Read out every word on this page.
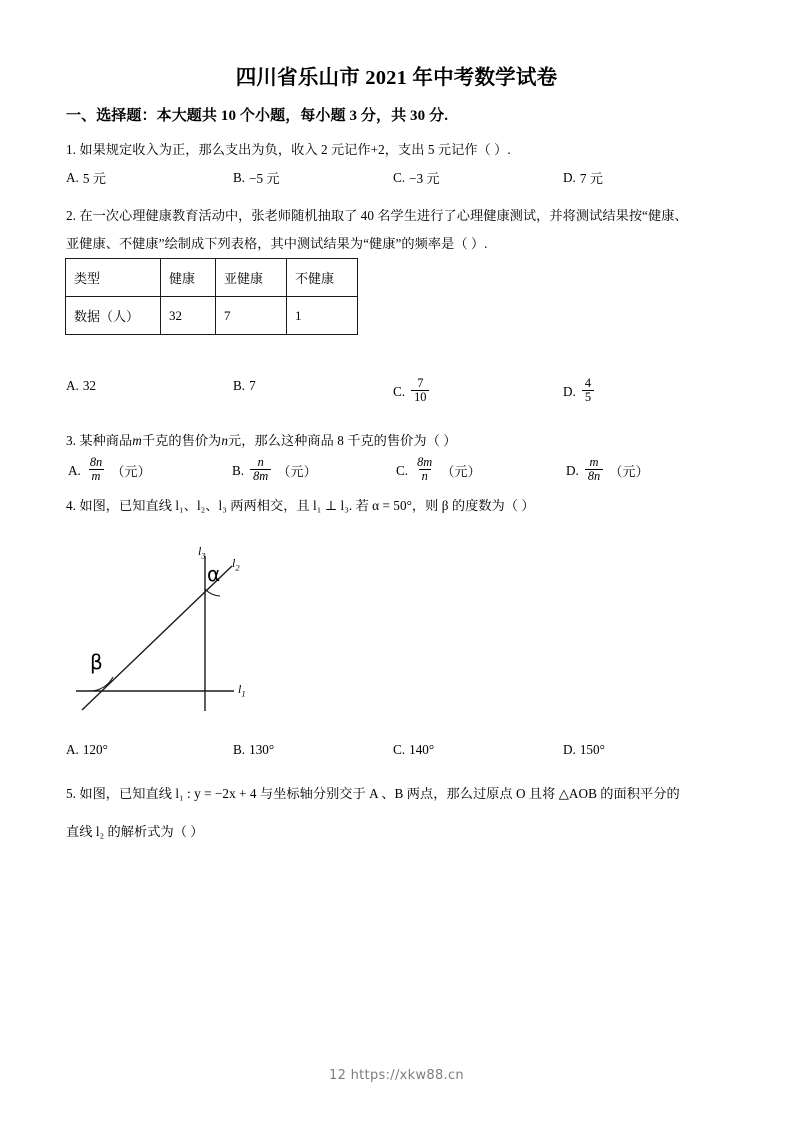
四川省乐山市 2021 年中考数学试卷
一、选择题：本大题共 10 个小题，每小题 3 分，共 30 分.
1. 如果规定收入为正，那么支出为负，收入 2 元记作+2，支出 5 元记作（ ）.
A. 5 元	B. −5 元	C. −3 元	D. 7 元
2. 在一次心理健康教育活动中，张老师随机抽取了 40 名学生进行了心理健康测试，并将测试结果按“健康、
亚健康、不健康”绘制成下列表格，其中测试结果为“健康”的频率是（ ）.
类型	健康	亚健康	不健康
数据（人）	32	7	1
A. 32	B. 7	C. $\frac{7}{10}$	D. $\frac{4}{5}$
3. 某种商品m千克的售价为n元，那么这种商品 8 千克的售价为（ ）
A. $\frac{8n}{m}$ （元）	B. $\frac{n}{8m}$ （元）	C. $\frac{8m}{n}$ （元）	D. $\frac{m}{8n}$ （元）
4. 如图，已知直线 l₁、l₂、l₃ 两两相交，且 l₁ ⊥ l₃. 若 α = 50°，则 β 的度数为（ ）
$l_3$
$l_2$
$l_1$
α
β
A. 120°	B. 130°	C. 140°	D. 150°
5. 如图，已知直线 l₁ : y = −2x + 4 与坐标轴分别交于 A 、B 两点，那么过原点 O 且将 △AOB 的面积平分的
直线 l₂ 的解析式为（ ）
12 https://xkw88.cn
